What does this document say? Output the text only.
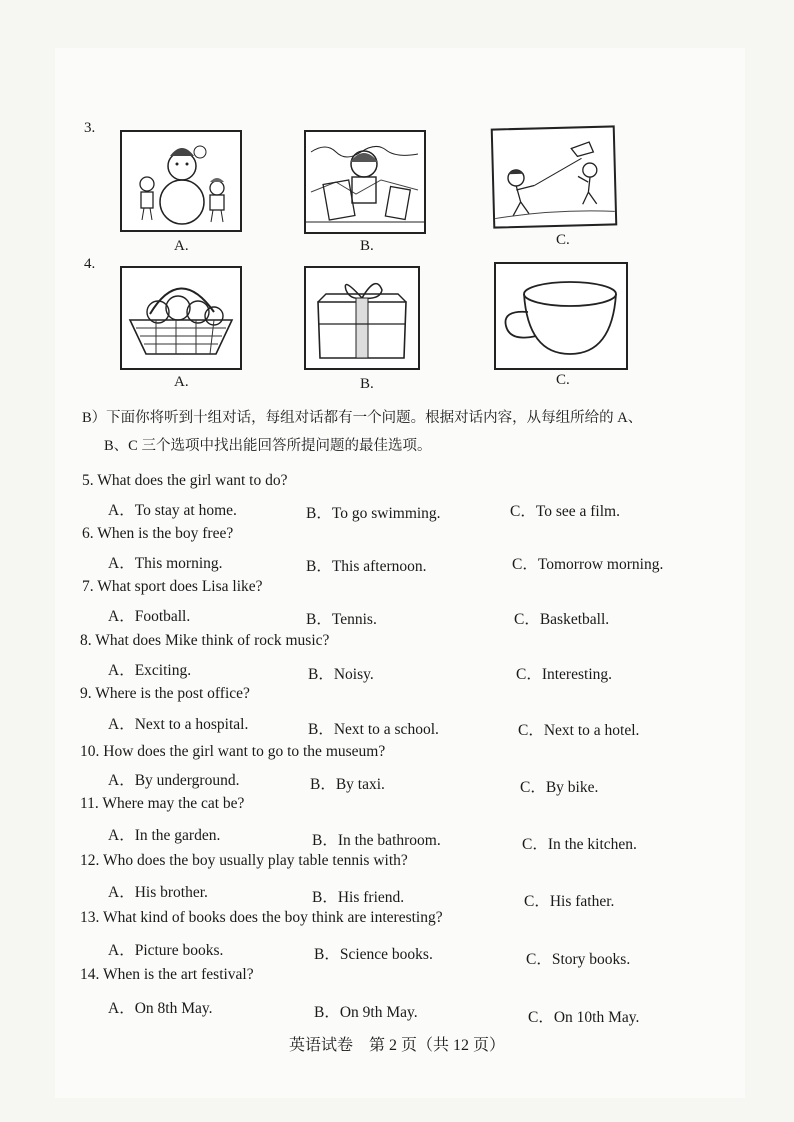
3.
A.	B.	C.
4.
A.	B.	C.
B）下面你将听到十组对话，每组对话都有一个问题。根据对话内容，从每组所给的 A、
B、C 三个选项中找出能回答所提问题的最佳选项。
5. What does the girl want to do?
A．To stay at home.	B．To go swimming.	C．To see a film.
6. When is the boy free?
A．This morning.	B．This afternoon.	C．Tomorrow morning.
7. What sport does Lisa like?
A．Football.	B．Tennis.	C．Basketball.
8. What does Mike think of rock music?
A．Exciting.	B．Noisy.	C．Interesting.
9. Where is the post office?
A．Next to a hospital.	B．Next to a school.	C．Next to a hotel.
10. How does the girl want to go to the museum?
A．By underground.	B．By taxi.	C．By bike.
11. Where may the cat be?
A．In the garden.	B．In the bathroom.	C．In the kitchen.
12. Who does the boy usually play table tennis with?
A．His brother.	B．His friend.	C．His father.
13. What kind of books does the boy think are interesting?
A．Picture books.	B．Science books.	C．Story books.
14. When is the art festival?
A．On 8th May.	B．On 9th May.	C．On 10th May.
英语试卷　第 2 页（共 12 页）
